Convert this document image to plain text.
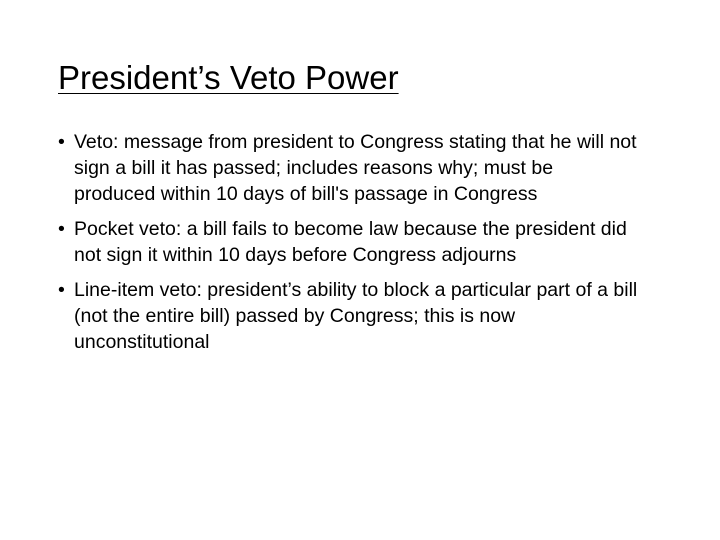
President’s Veto Power
• Veto: message from president to Congress stating that he will not sign a bill it has passed; includes reasons why; must be produced within 10 days of bill's passage in Congress
• Pocket veto: a bill fails to become law because the president did not sign it within 10 days before Congress adjourns
• Line-item veto: president’s ability to block a particular part of a bill (not the entire bill) passed by Congress; this is now unconstitutional
